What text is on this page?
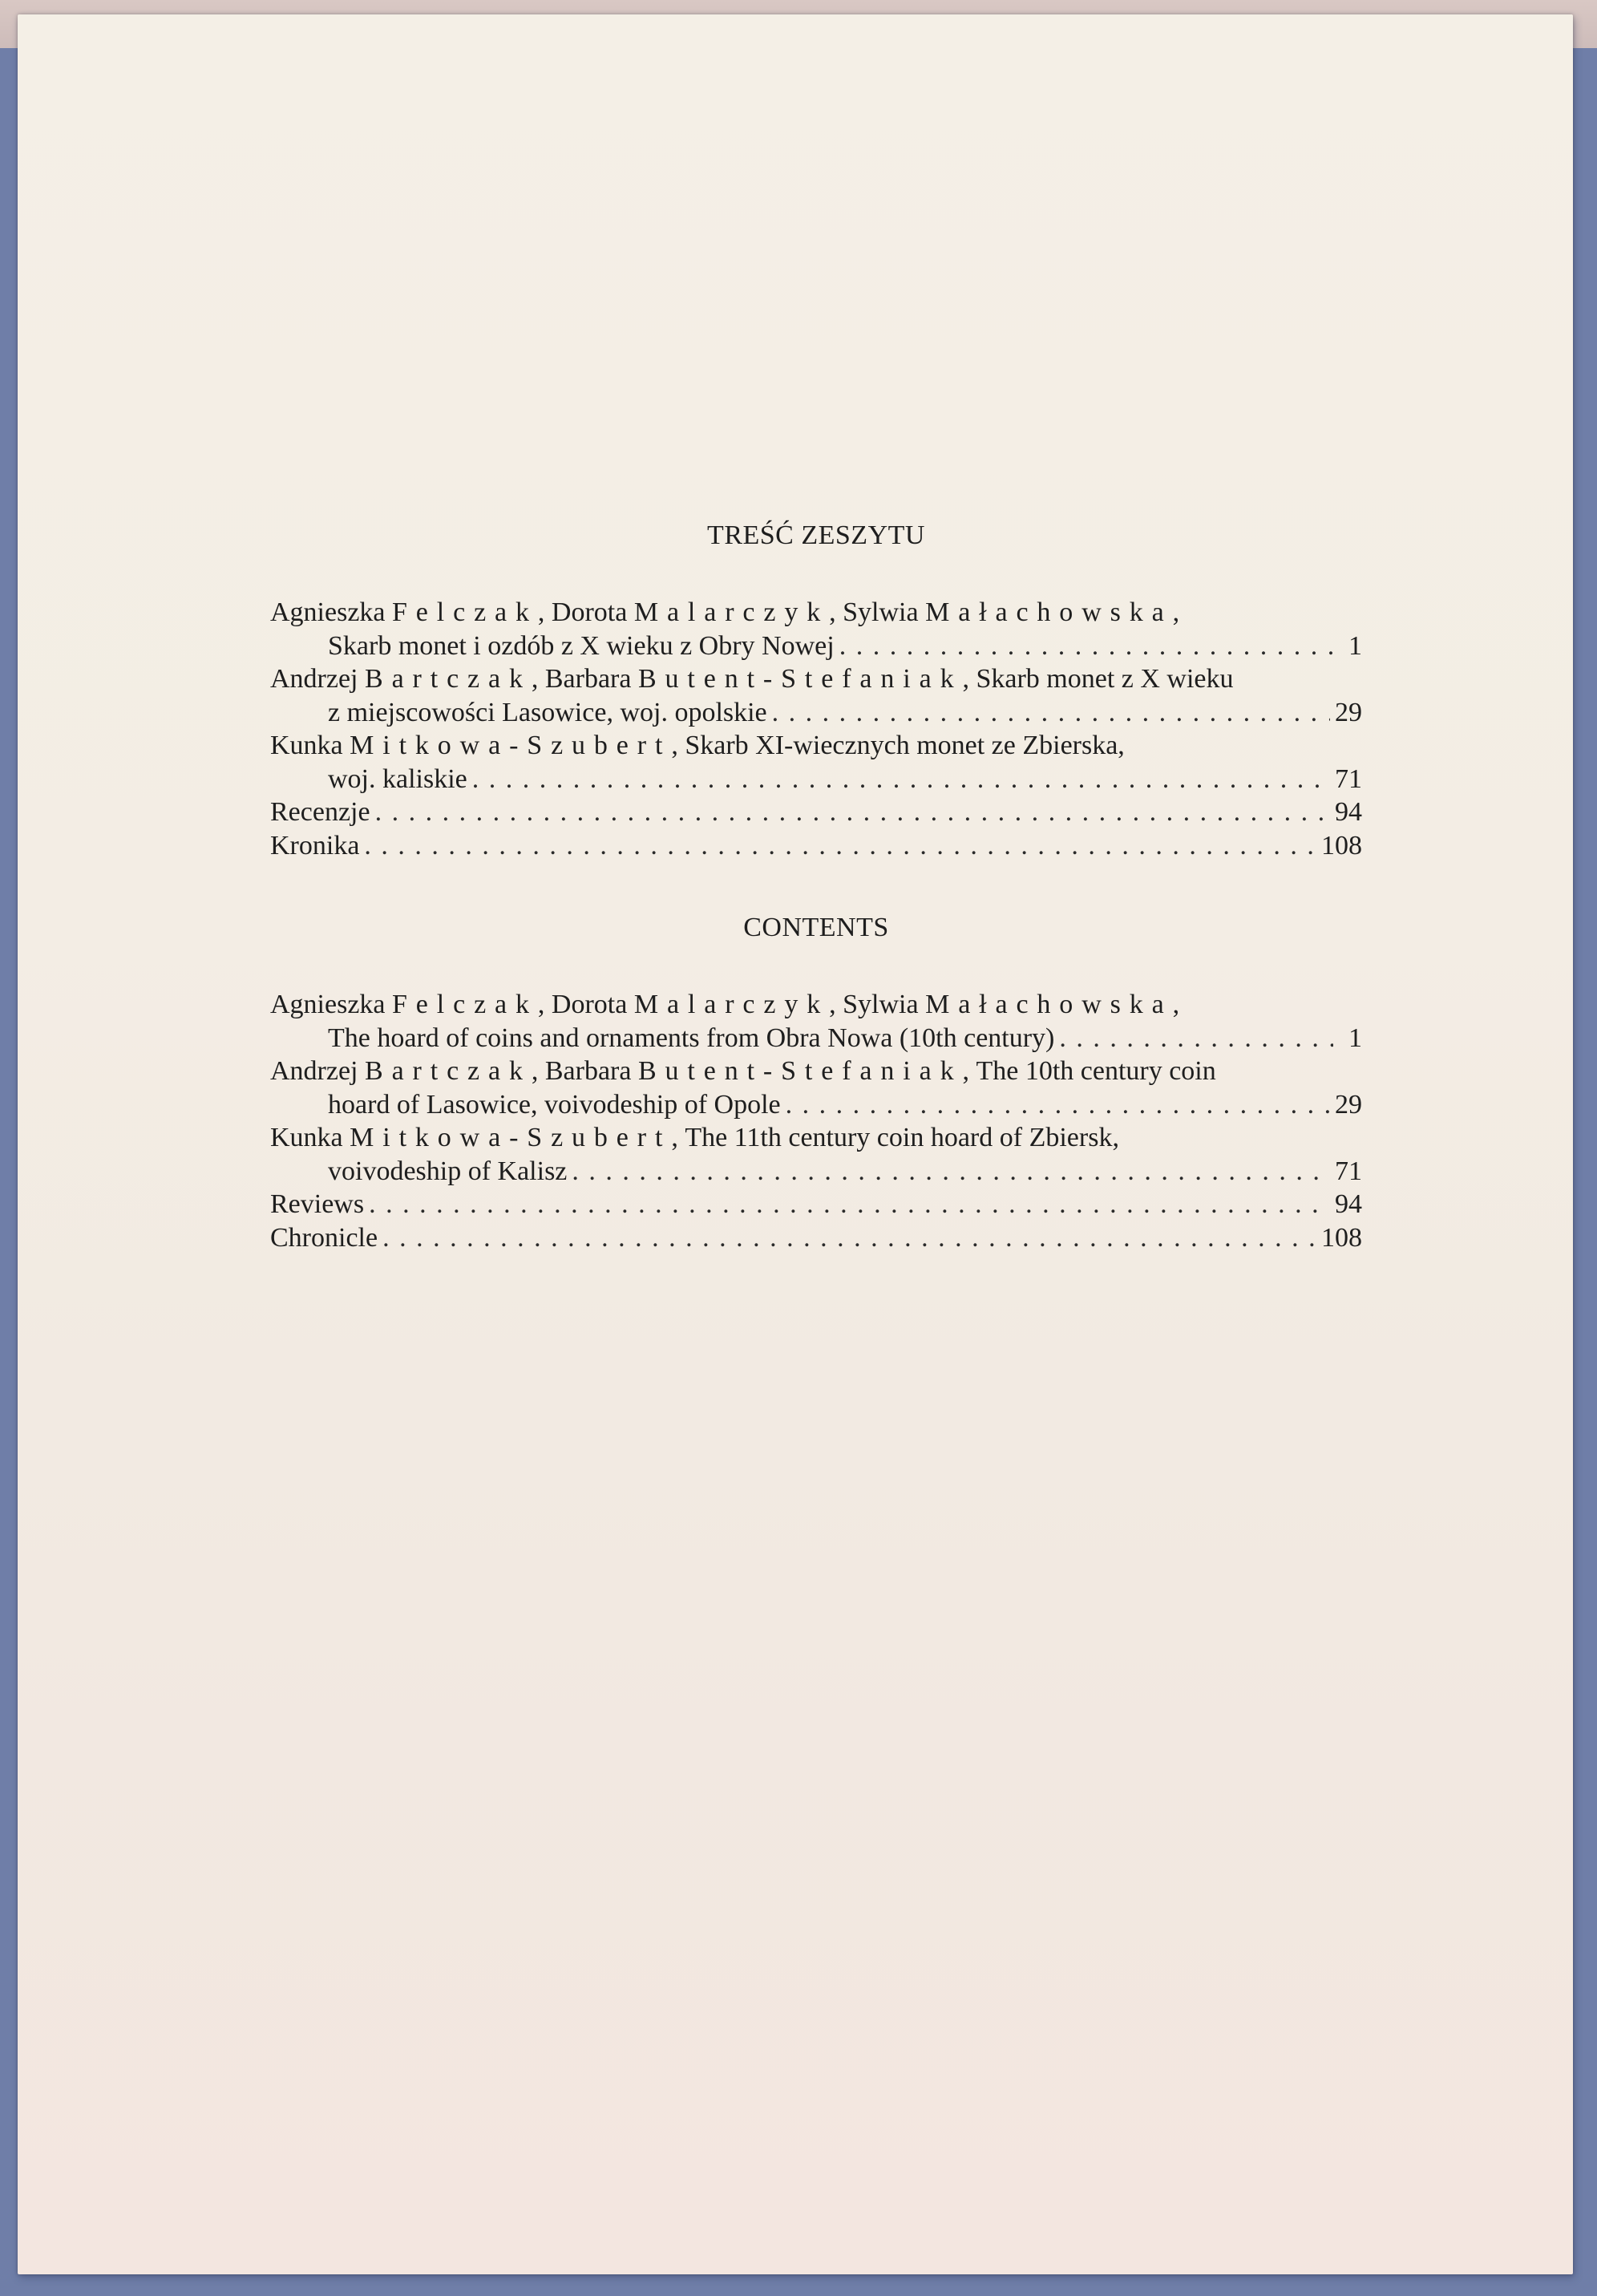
TREŚĆ ZESZYTU
Agnieszka
Felczak , Dorota
Malarczyk , Sylwia
Małachowska ,
Skarb monet i ozdób z X wieku z Obry Nowej . . .	1
Andrzej
Bartczak , Barbara
Butent-Stefaniak , Skarb monet z X wieku
z miejscowości Lasowice, woj. opolskie . . .	29
Kunka
Mitkowa-Szubert , Skarb XI-wiecznych monet ze Zbierska,
woj. kaliskie . . .	71
Recenzje . . .	94
Kronika . . .	108
CONTENTS
Agnieszka
Felczak , Dorota
Malarczyk , Sylwia
Małachowska ,
The hoard of coins and ornaments from Obra Nowa (10th century) . . .	1
Andrzej
Bartczak , Barbara
Butent-Stefaniak , The 10th century coin
hoard of Lasowice, voivodeship of Opole . . .	29
Kunka
Mitkowa-Szubert , The 11th century coin hoard of Zbiersk,
voivodeship of Kalisz . . .	71
Reviews . . .	94
Chronicle . . .	108
